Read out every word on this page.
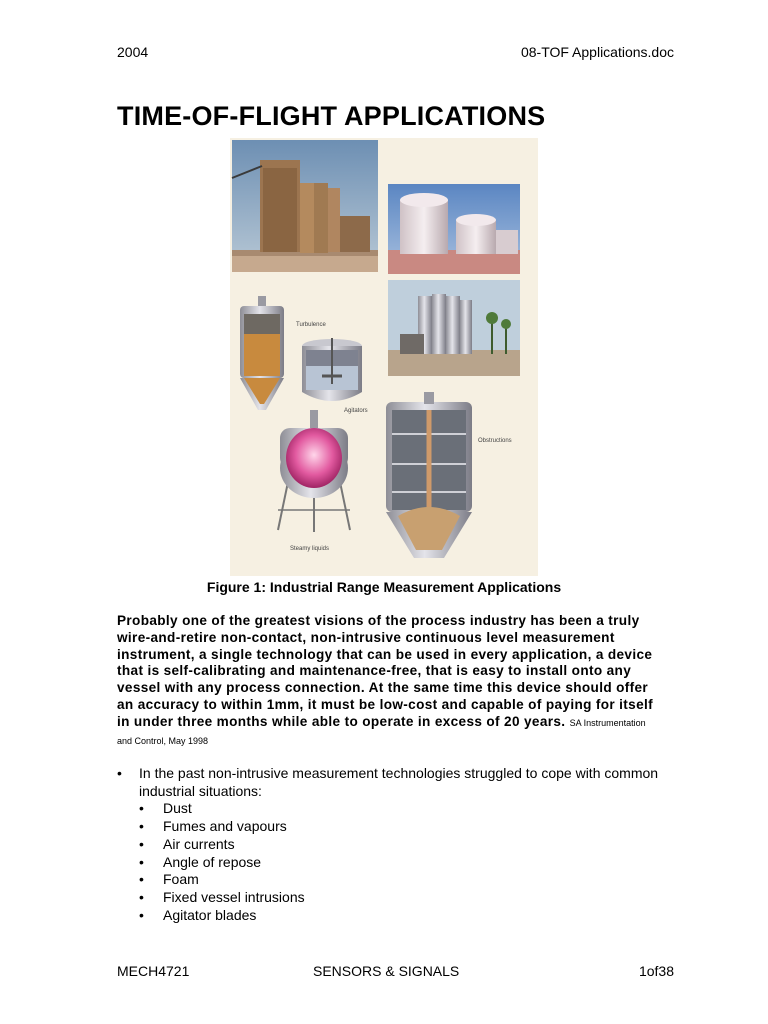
2004	08-TOF Applications.doc
TIME-OF-FLIGHT APPLICATIONS
Turbulence
Agitators
Steamy liquids
Obstructions
Figure 1: Industrial Range Measurement Applications
Probably one of the greatest visions of the process industry has been a truly wire-and-retire non-contact, non-intrusive continuous level measurement instrument, a single technology that can be used in every application, a device that is self-calibrating and maintenance-free, that is easy to install onto any vessel with any process connection. At the same time this device should offer an accuracy to within 1mm, it must be low-cost and capable of paying for itself in under three months while able to operate in excess of 20 years. SA Instrumentation and Control, May 1998
• In the past non-intrusive measurement technologies struggled to cope with common industrial situations:
• Dust
• Fumes and vapours
• Air currents
• Angle of repose
• Foam
• Fixed vessel intrusions
• Agitator blades
MECH4721	SENSORS & SIGNALS	1of38
